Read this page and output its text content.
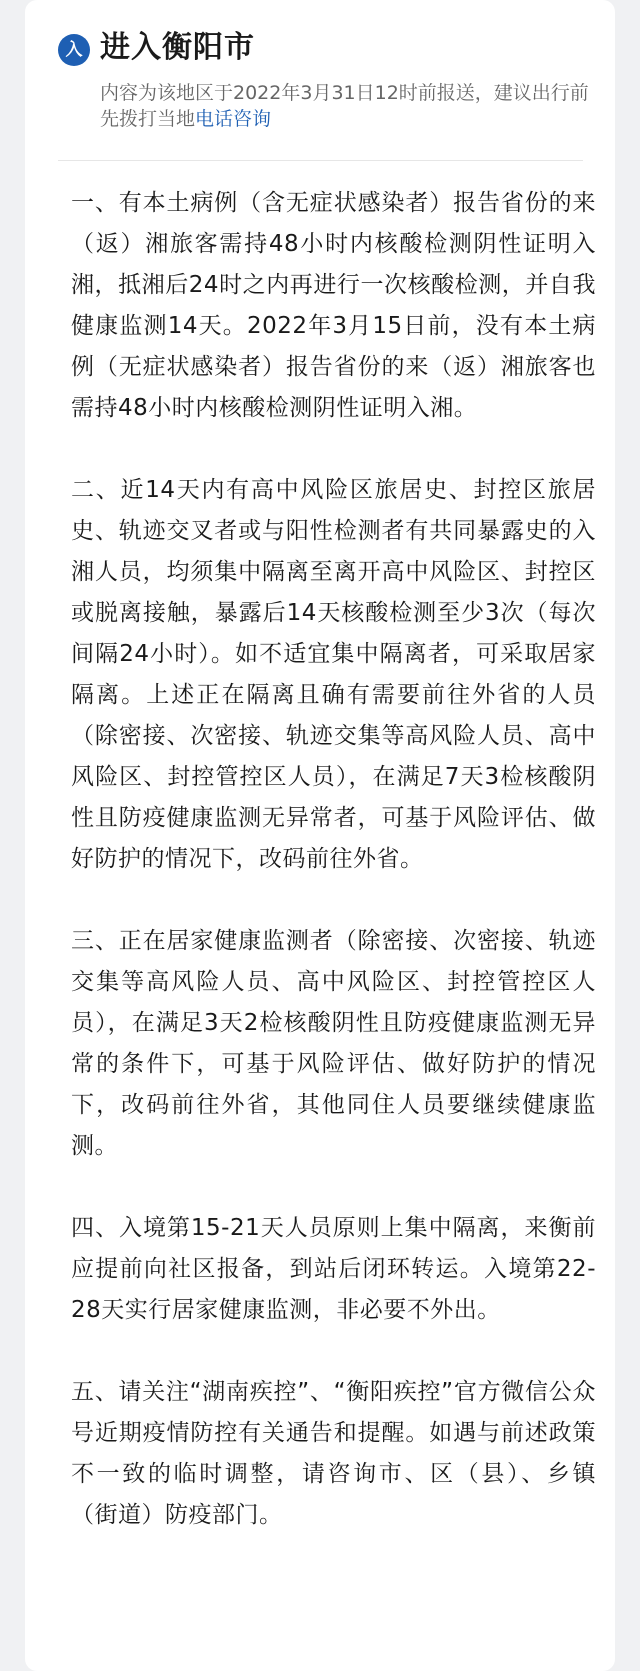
入 进入衡阳市
内容为该地区于2022年3月31日12时前报送，建议出行前先拨打当地电话咨询

一、有本土病例（含无症状感染者）报告省份的来（返）湘旅客需持48小时内核酸检测阴性证明入湘，抵湘后24时之内再进行一次核酸检测，并自我健康监测14天。2022年3月15日前，没有本土病例（无症状感染者）报告省份的来（返）湘旅客也需持48小时内核酸检测阴性证明入湘。

二、近14天内有高中风险区旅居史、封控区旅居史、轨迹交叉者或与阳性检测者有共同暴露史的入湘人员，均须集中隔离至离开高中风险区、封控区或脱离接触，暴露后14天核酸检测至少3次（每次间隔24小时）。如不适宜集中隔离者，可采取居家隔离。上述正在隔离且确有需要前往外省的人员（除密接、次密接、轨迹交集等高风险人员、高中风险区、封控管控区人员），在满足7天3检核酸阴性且防疫健康监测无异常者，可基于风险评估、做好防护的情况下，改码前往外省。

三、正在居家健康监测者（除密接、次密接、轨迹交集等高风险人员、高中风险区、封控管控区人员），在满足3天2检核酸阴性且防疫健康监测无异常的条件下，可基于风险评估、做好防护的情况下，改码前往外省，其他同住人员要继续健康监测。

四、入境第15-21天人员原则上集中隔离，来衡前应提前向社区报备，到站后闭环转运。入境第22-28天实行居家健康监测，非必要不外出。

五、请关注“湖南疾控”、“衡阳疾控”官方微信公众号近期疫情防控有关通告和提醒。如遇与前述政策不一致的临时调整，请咨询市、区（县）、乡镇（街道）防疫部门。
